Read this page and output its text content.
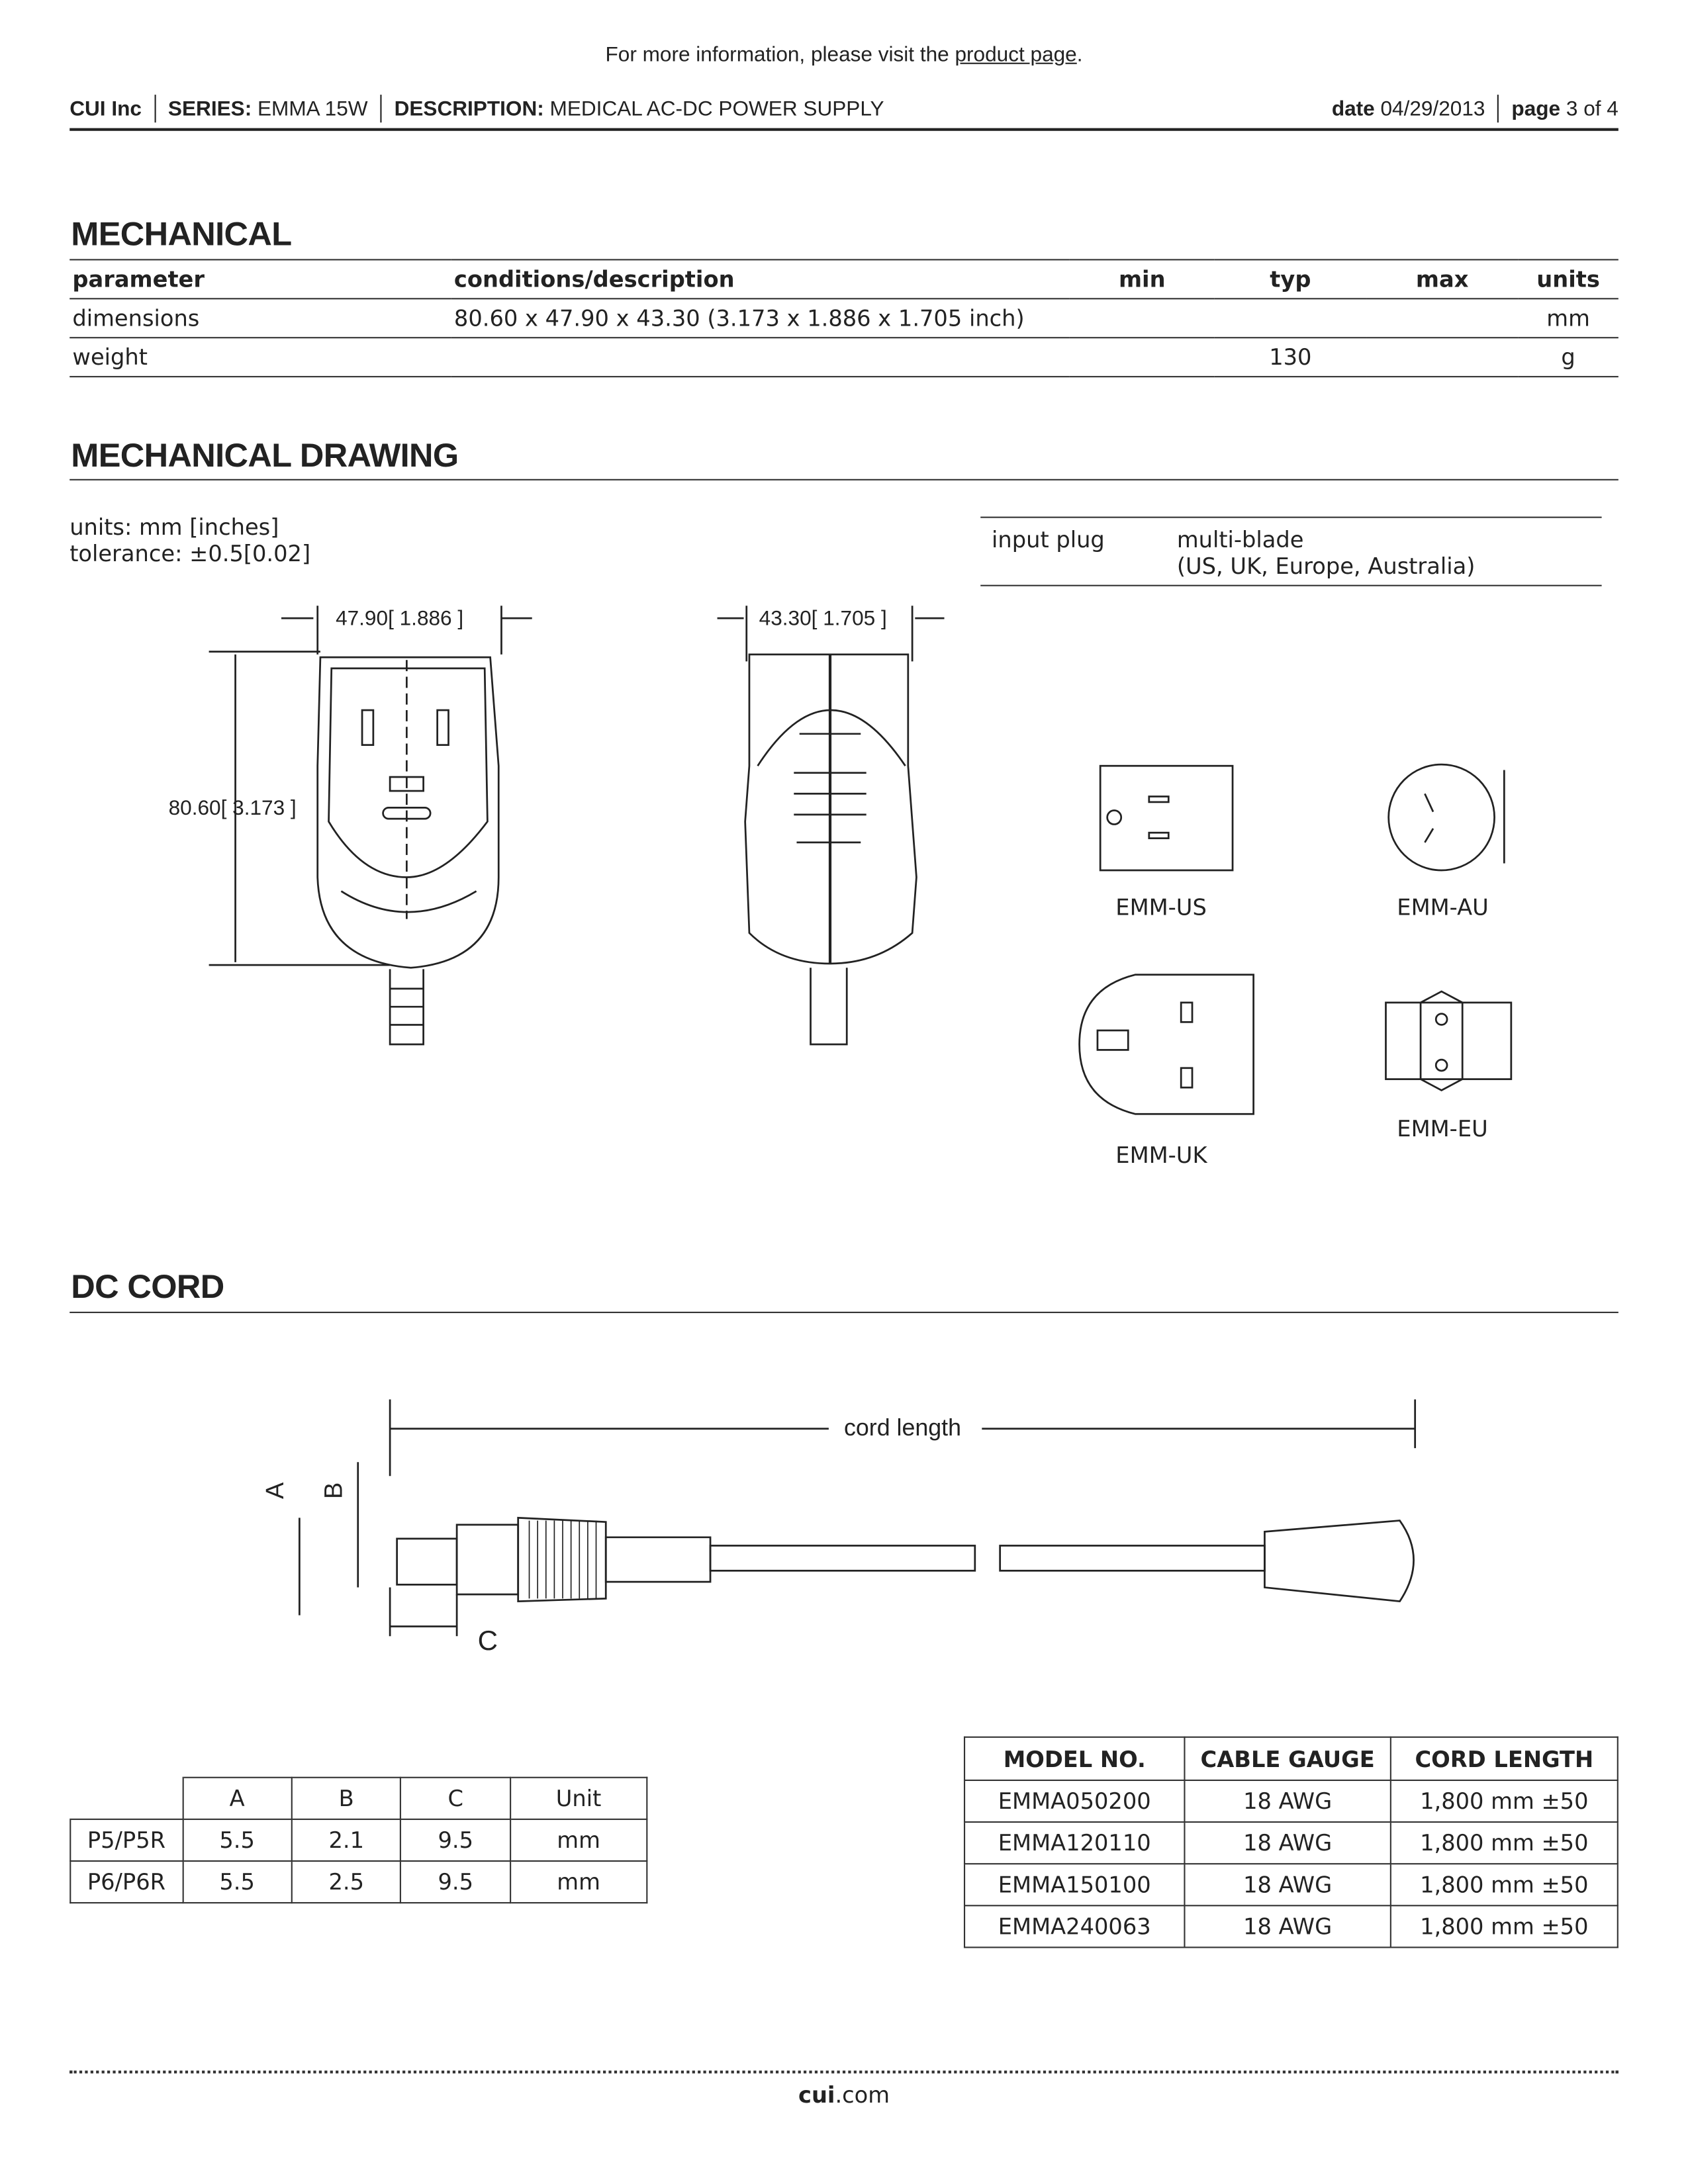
For more information, please visit the product page.
CUI Inc	SERIES:
EMMA 15W	DESCRIPTION:
MEDICAL AC-DC POWER SUPPLY	date
04/29/2013	page
3 of 4
MECHANICAL
parameter	conditions/description	min	typ	max	units
dimensions	80.60 x 47.90 x 43.30 (3.173 x 1.886 x 1.705 inch)				mm
weight			130		g
MECHANICAL DRAWING
units: mm [inches]
tolerance: ±0.5[0.02]
input plug	multi-blade
(US, UK, Europe, Australia)
47.90[ 1.886 ]
80.60[ 3.173 ]
43.30[ 1.705 ]
EMM-US	EMM-AU
EMM-UK
EMM-EU
DC CORD
cord length
A	B
C
	A	B	C	Unit
P5/P5R	5.5	2.1	9.5	mm
P6/P6R	5.5	2.5	9.5	mm
MODEL NO.	CABLE GAUGE	CORD LENGTH
EMMA050200	18 AWG	1,800 mm ±50
EMMA120110	18 AWG	1,800 mm ±50
EMMA150100	18 AWG	1,800 mm ±50
EMMA240063	18 AWG	1,800 mm ±50
cui.com
